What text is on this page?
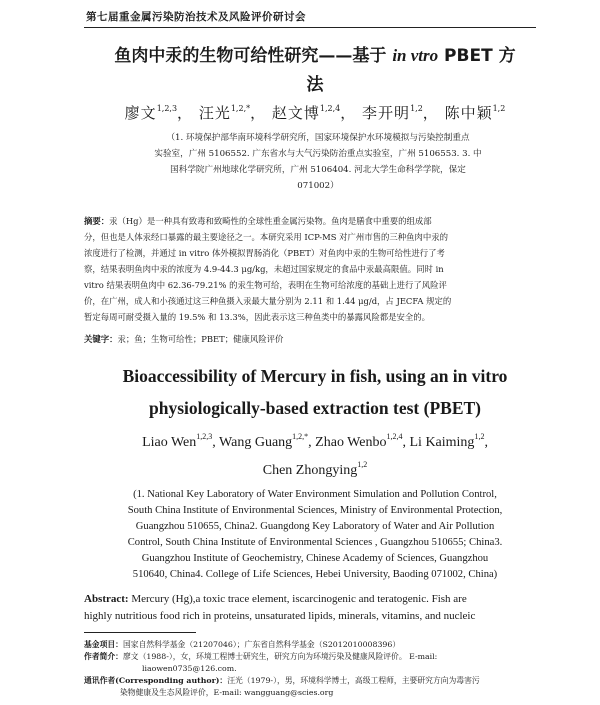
第七届重金属污染防治技术及风险评价研讨会
鱼肉中汞的生物可给性研究——基于 in vtro PBET 方
法
廖文$^{1,2,3}$， 汪光$^{1,2,*}$， 赵文博$^{1,2,4}$， 李开明$^{1,2}$， 陈中颖$^{1,2}$
（1. 环境保护部华南环境科学研究所，国家环境保护水环境模拟与污染控制重点
实验室，广州 5106552. 广东省水与大气污染防治重点实验室，广州 5106553. 3. 中
国科学院广州地球化学研究所，广州 5106404. 河北大学生命科学学院，保定
071002）
摘要：汞（Hg）是一种具有致毒和致畸性的全球性重金属污染物。鱼肉是膳食中重要的组成部
分，但也是人体汞经口暴露的最主要途径之一。本研究采用 ICP-MS 对广州市售的三种鱼肉中汞的
浓度进行了检测，并通过 in vitro 体外模拟胃肠消化（PBET）对鱼肉中汞的生物可给性进行了考
察，结果表明鱼肉中汞的浓度为 4.9-44.3 μg/kg，未超过国家规定的食品中汞最高限值。同时 in
vitro 结果表明鱼肉中 62.36-79.21% 的汞生物可给，表明在生物可给浓度的基础上进行了风险评
价，在广州，成人和小孩通过这三种鱼摄入汞最大量分别为 2.11 和 1.44 μg/d，占 JECFA 规定的
暂定每周可耐受摄入量的 19.5% 和 13.3%，因此表示这三种鱼类中的暴露风险都是安全的。
关键字：汞；鱼；生物可给性；PBET；健康风险评价
Bioaccessibility of Mercury in fish, using an in vitro
physiologically-based extraction test (PBET)
Liao Wen$^{1,2,3}$, Wang Guang$^{1,2,*}$, Zhao Wenbo$^{1,2,4}$, Li Kaiming$^{1,2}$,
Chen Zhongying$^{1,2}$
(1. National Key Laboratory of Water Environment Simulation and Pollution Control,
South China Institute of Environmental Sciences, Ministry of Environmental Protection,
Guangzhou 510655, China2. Guangdong Key Laboratory of Water and Air Pollution
Control, South China Institute of Environmental Sciences , Guangzhou 510655; China3.
Guangzhou Institute of Geochemistry, Chinese Academy of Sciences, Guangzhou
510640, China4. College of Life Sciences, Hebei University, Baoding 071002, China)
Abstract: Mercury (Hg),a toxic trace element, iscarcinogenic and teratogenic. Fish are
highly nutritious food rich in proteins, unsaturated lipids, minerals, vitamins, and nucleic
基金项目：国家自然科学基金（21207046）；广东省自然科学基金（S2012010008396）
作者简介：廖文（1988-），女，环境工程博士研究生，研究方向为环境污染及健康风险评价。 E-mail:
liaowen0735@126.com.
通讯作者(Corresponding author)：汪光（1979-），男，环境科学博士，高级工程师，主要研究方向为毒害污
染物健康及生态风险评价，E-mail: wangguang@scies.org
